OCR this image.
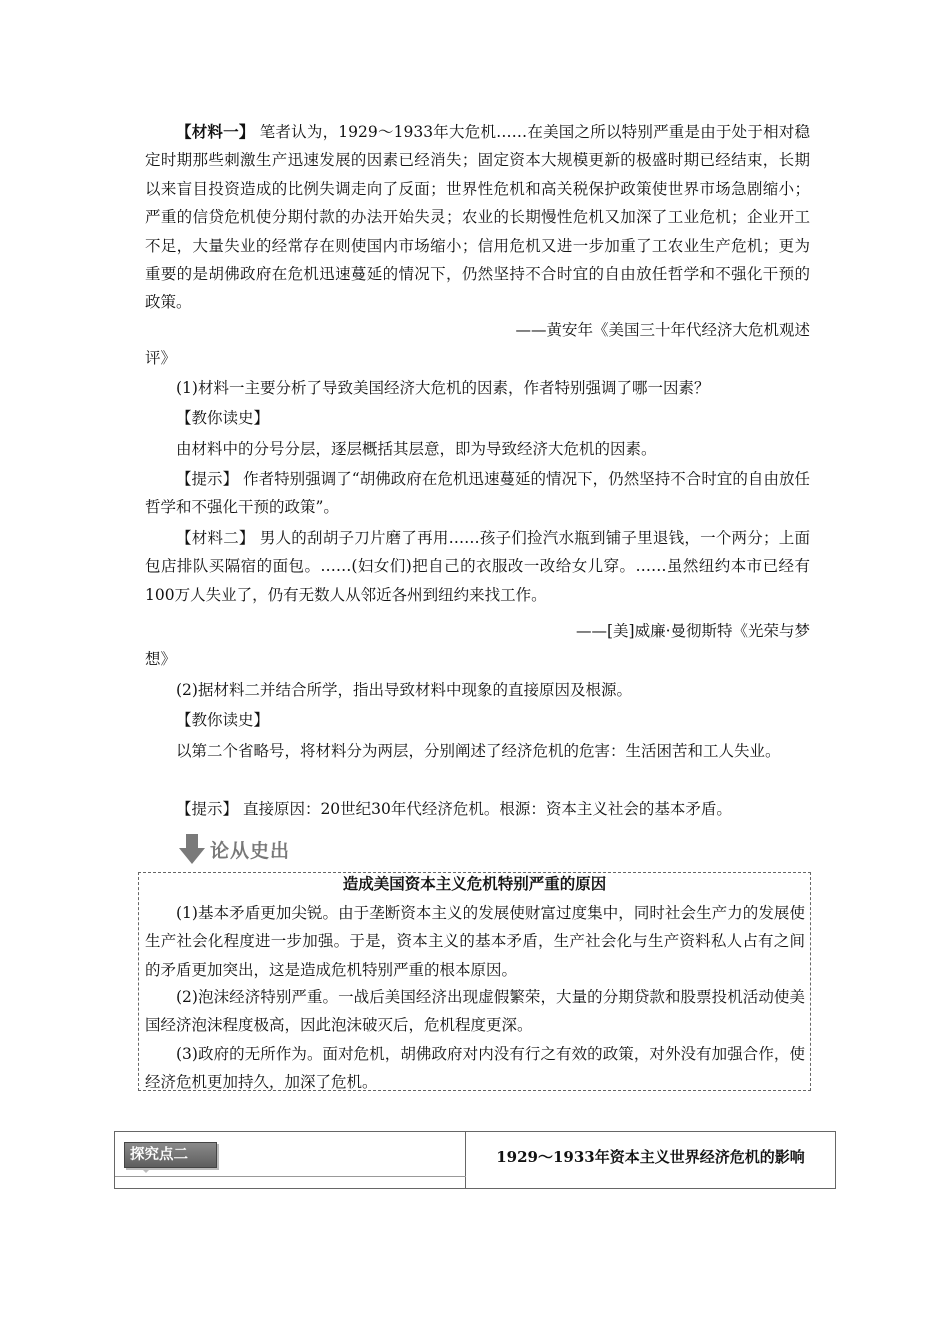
【材料一】 笔者认为，1929～1933年大危机……在美国之所以特别严重是由于处于相对稳定时期那些刺激生产迅速发展的因素已经消失；固定资本大规模更新的极盛时期已经结束，长期以来盲目投资造成的比例失调走向了反面；世界性危机和高关税保护政策使世界市场急剧缩小；严重的信贷危机使分期付款的办法开始失灵；农业的长期慢性危机又加深了工业危机；企业开工不足，大量失业的经常存在则使国内市场缩小；信用危机又进一步加重了工农业生产危机；更为重要的是胡佛政府在危机迅速蔓延的情况下，仍然坚持不合时宜的自由放任哲学和不强化干预的政策。

——黄安年《美国三十年代经济大危机观述

评》

(1)材料一主要分析了导致美国经济大危机的因素，作者特别强调了哪一因素？

【教你读史】

由材料中的分号分层，逐层概括其层意，即为导致经济大危机的因素。

【提示】 作者特别强调了“胡佛政府在危机迅速蔓延的情况下，仍然坚持不合时宜的自由放任哲学和不强化干预的政策”。

【材料二】 男人的刮胡子刀片磨了再用……孩子们捡汽水瓶到铺子里退钱，一个两分；上面包店排队买隔宿的面包。……(妇女们)把自己的衣服改一改给女儿穿。……虽然纽约本市已经有100万人失业了，仍有无数人从邻近各州到纽约来找工作。

——[美]威廉·曼彻斯特《光荣与梦

想》

(2)据材料二并结合所学，指出导致材料中现象的直接原因及根源。

【教你读史】

以第二个省略号，将材料分为两层，分别阐述了经济危机的危害：生活困苦和工人失业。

【提示】 直接原因：20世纪30年代经济危机。根源：资本主义社会的基本矛盾。

论从史出
造成美国资本主义危机特别严重的原因

(1)基本矛盾更加尖锐。由于垄断资本主义的发展使财富过度集中，同时社会生产力的发展使生产社会化程度进一步加强。于是，资本主义的基本矛盾，生产社会化与生产资料私人占有之间的矛盾更加突出，这是造成危机特别严重的根本原因。

(2)泡沫经济特别严重。一战后美国经济出现虚假繁荣，大量的分期贷款和股票投机活动使美国经济泡沫程度极高，因此泡沫破灭后，危机程度更深。

(3)政府的无所作为。面对危机，胡佛政府对内没有行之有效的政策，对外没有加强合作，使经济危机更加持久，加深了危机。

探究点二	1929～1933年资本主义世界经济危机的影响
